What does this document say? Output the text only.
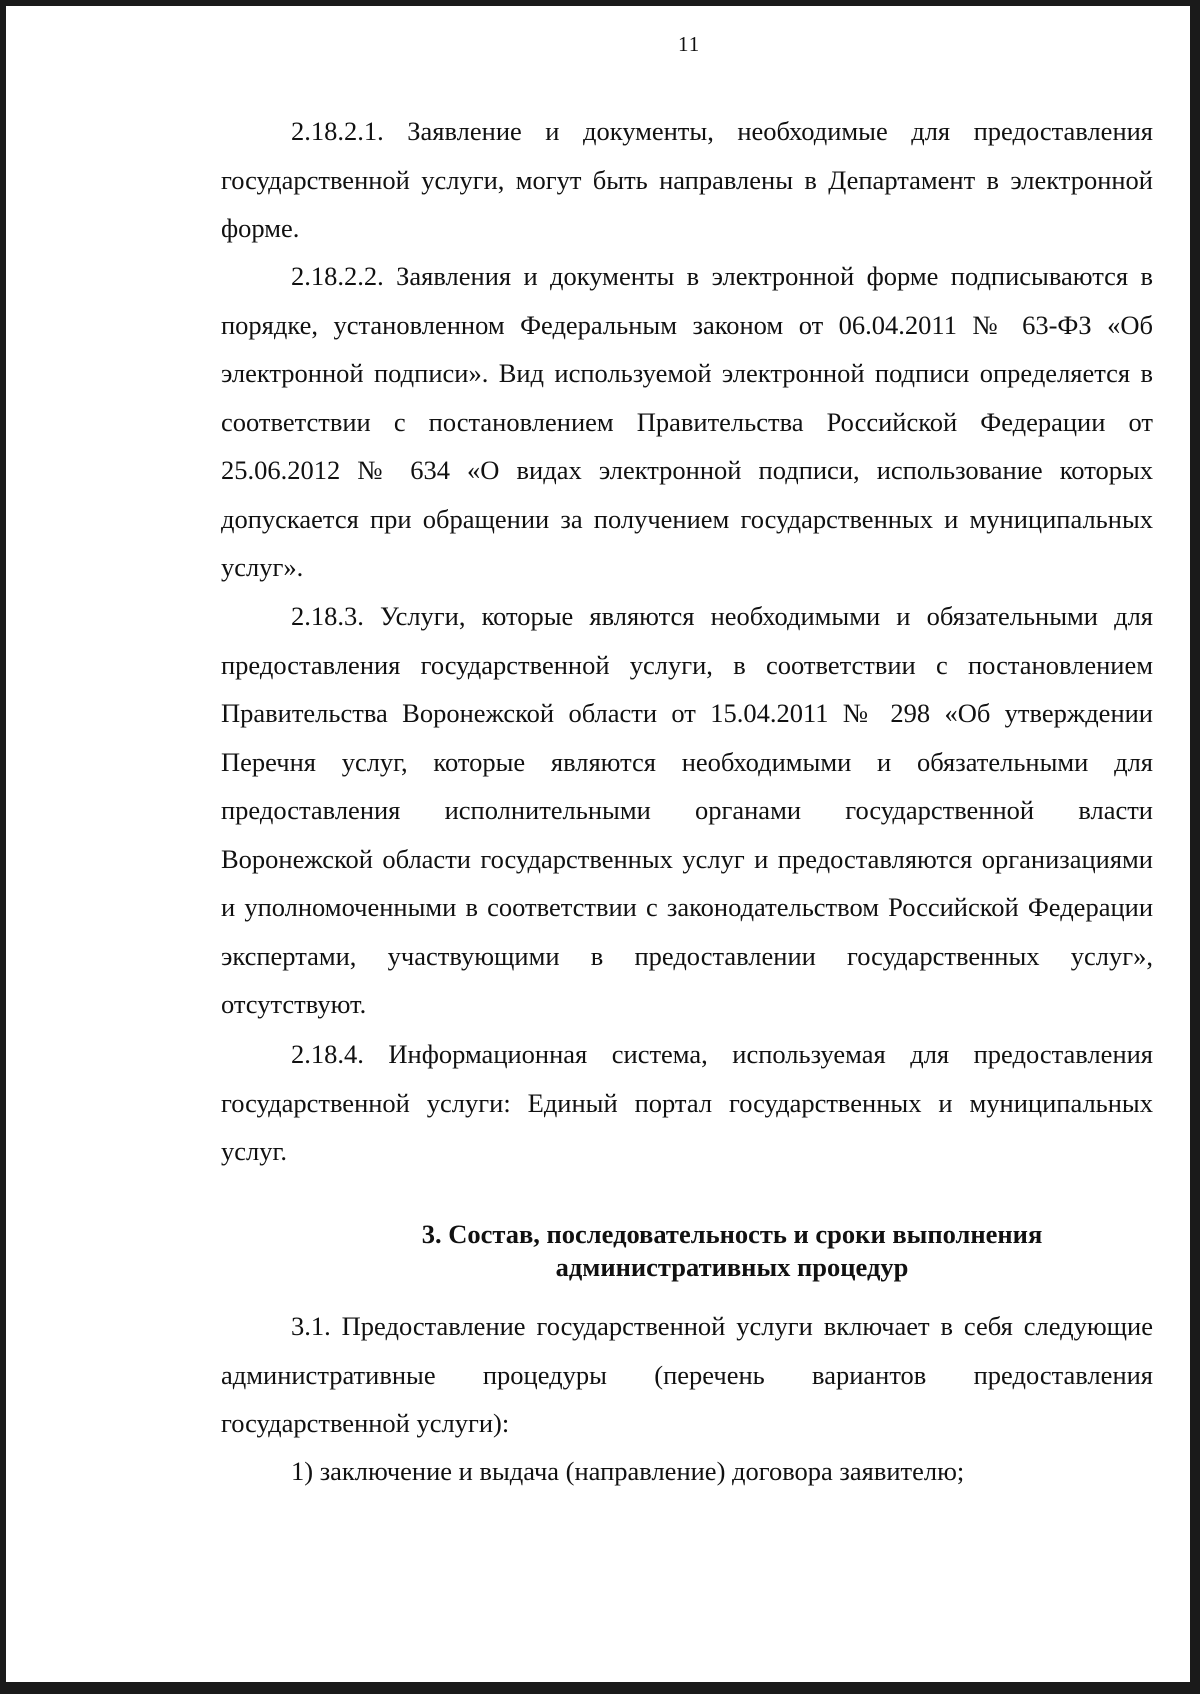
11

2.18.2.1. Заявление и документы, необходимые для предоставления государственной услуги, могут быть направлены в Департамент в электронной форме.

2.18.2.2. Заявления и документы в электронной форме подписываются в порядке, установленном Федеральным законом от 06.04.2011 № 63-ФЗ «Об электронной подписи». Вид используемой электронной подписи определяется в соответствии с постановлением Правительства Российской Федерации от 25.06.2012 № 634 «О видах электронной подписи, использование которых допускается при обращении за получением государственных и муниципальных услуг».

2.18.3. Услуги, которые являются необходимыми и обязательными для предоставления государственной услуги, в соответствии с постановлением Правительства Воронежской области от 15.04.2011 № 298 «Об утверждении Перечня услуг, которые являются необходимыми и обязательными для предоставления исполнительными органами государственной власти Воронежской области государственных услуг и предоставляются организациями и уполномоченными в соответствии с законодательством Российской Федерации экспертами, участвующими в предоставлении государственных услуг», отсутствуют.

2.18.4. Информационная система, используемая для предоставления государственной услуги: Единый портал государственных и муниципальных услуг.

3. Состав, последовательность и сроки выполнения
административных процедур

3.1. Предоставление государственной услуги включает в себя следующие административные процедуры (перечень вариантов предоставления государственной услуги):

1) заключение и выдача (направление) договора заявителю;
